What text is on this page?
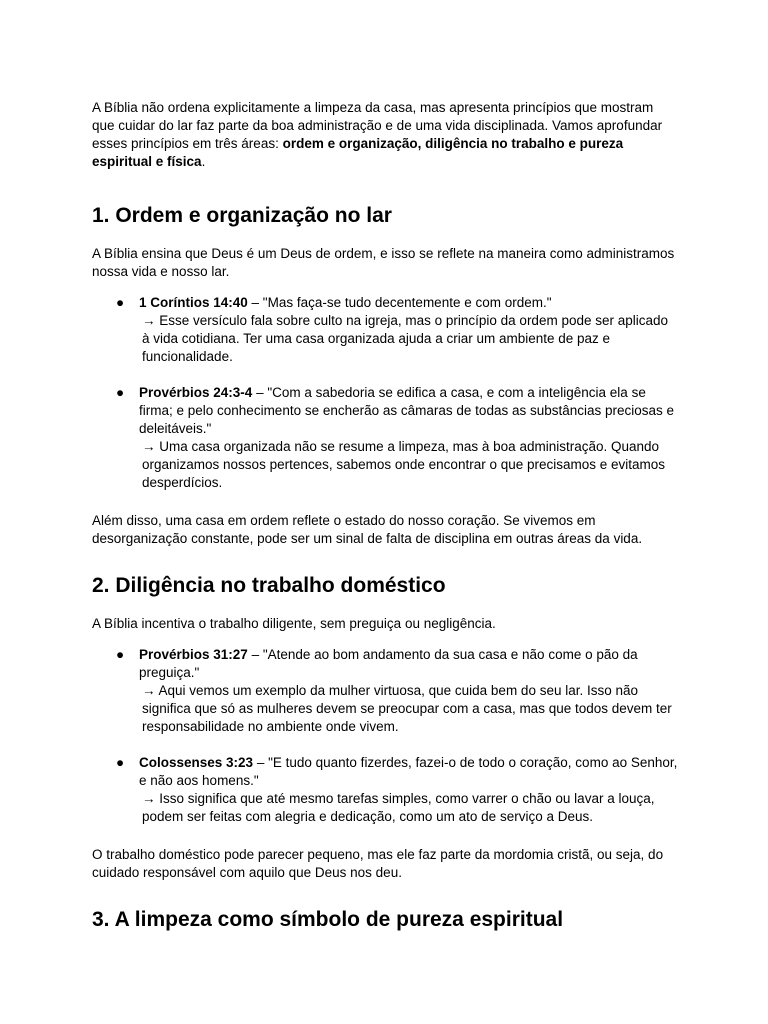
A Bíblia não ordena explicitamente a limpeza da casa, mas apresenta princípios que mostram que cuidar do lar faz parte da boa administração e de uma vida disciplinada. Vamos aprofundar esses princípios em três áreas: ordem e organização, diligência no trabalho e pureza espiritual e física.

1. Ordem e organização no lar

A Bíblia ensina que Deus é um Deus de ordem, e isso se reflete na maneira como administramos nossa vida e nosso lar.

● 1 Coríntios 14:40 – "Mas faça-se tudo decentemente e com ordem."
→ Esse versículo fala sobre culto na igreja, mas o princípio da ordem pode ser aplicado à vida cotidiana. Ter uma casa organizada ajuda a criar um ambiente de paz e funcionalidade.
● Provérbios 24:3-4 – "Com a sabedoria se edifica a casa, e com a inteligência ela se firma; e pelo conhecimento se encherão as câmaras de todas as substâncias preciosas e deleitáveis."
→ Uma casa organizada não se resume a limpeza, mas à boa administração. Quando organizamos nossos pertences, sabemos onde encontrar o que precisamos e evitamos desperdícios.

Além disso, uma casa em ordem reflete o estado do nosso coração. Se vivemos em desorganização constante, pode ser um sinal de falta de disciplina em outras áreas da vida.

2. Diligência no trabalho doméstico

A Bíblia incentiva o trabalho diligente, sem preguiça ou negligência.

● Provérbios 31:27 – "Atende ao bom andamento da sua casa e não come o pão da preguiça."
→ Aqui vemos um exemplo da mulher virtuosa, que cuida bem do seu lar. Isso não significa que só as mulheres devem se preocupar com a casa, mas que todos devem ter responsabilidade no ambiente onde vivem.
● Colossenses 3:23 – "E tudo quanto fizerdes, fazei-o de todo o coração, como ao Senhor, e não aos homens."
→ Isso significa que até mesmo tarefas simples, como varrer o chão ou lavar a louça, podem ser feitas com alegria e dedicação, como um ato de serviço a Deus.

O trabalho doméstico pode parecer pequeno, mas ele faz parte da mordomia cristã, ou seja, do cuidado responsável com aquilo que Deus nos deu.

3. A limpeza como símbolo de pureza espiritual
